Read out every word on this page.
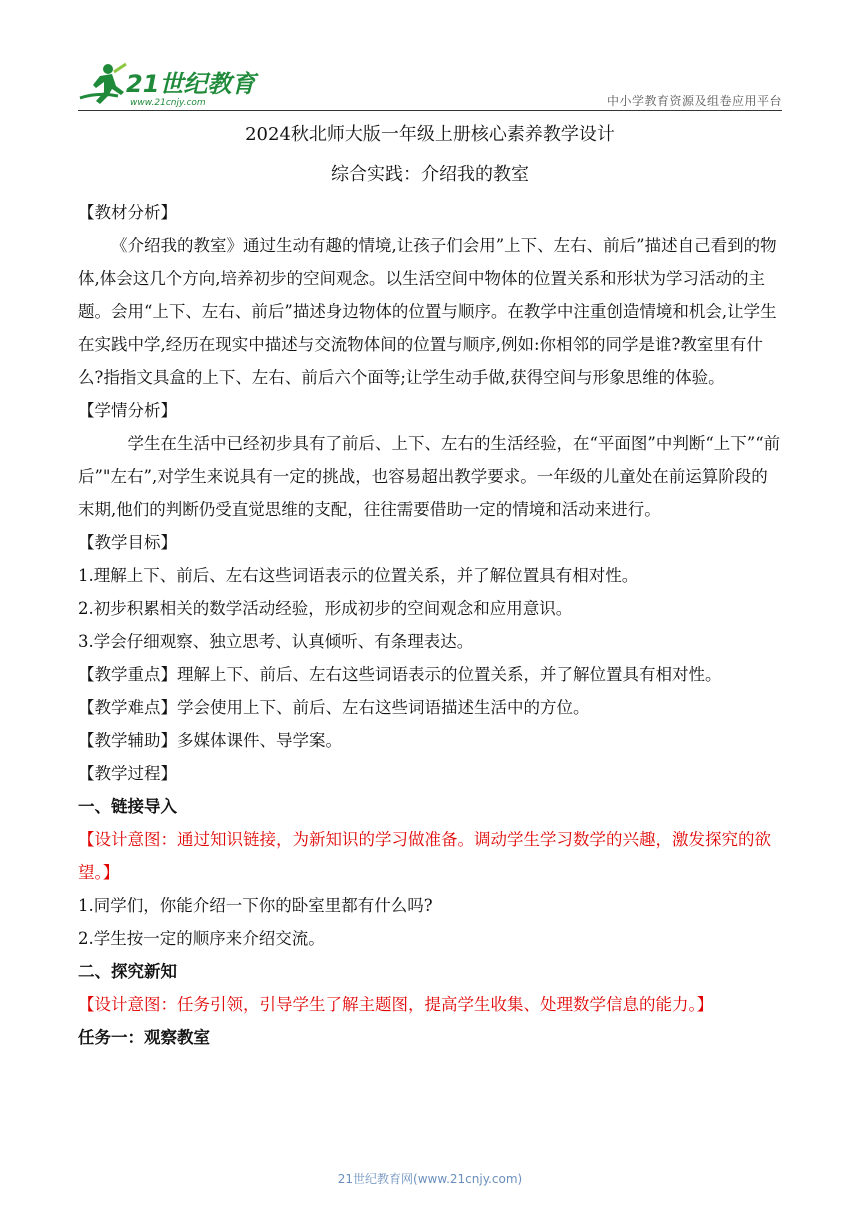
21世纪教育
www.21cnjy.com	中小学教育资源及组卷应用平台
2024秋北师大版一年级上册核心素养教学设计
综合实践：介绍我的教室

【教材分析】

《介绍我的教室》通过生动有趣的情境,让孩子们会用”上下、左右、前后”描述自己看到的物体,体会这几个方向,培养初步的空间观念。以生活空间中物体的位置关系和形状为学习活动的主题。会用“上下、左右、前后”描述身边物体的位置与顺序。在教学中注重创造情境和机会,让学生在实践中学,经历在现实中描述与交流物体间的位置与顺序,例如:你相邻的同学是谁?教室里有什么?指指文具盒的上下、左右、前后六个面等;让学生动手做,获得空间与形象思维的体验。

【学情分析】

学生在生活中已经初步具有了前后、上下、左右的生活经验，在“平面图”中判断“上下”“前后”"左右”,对学生来说具有一定的挑战，也容易超出教学要求。一年级的儿童处在前运算阶段的末期,他们的判断仍受直觉思维的支配，往往需要借助一定的情境和活动来进行。

【教学目标】

1.理解上下、前后、左右这些词语表示的位置关系，并了解位置具有相对性。

2.初步积累相关的数学活动经验，形成初步的空间观念和应用意识。

3.学会仔细观察、独立思考、认真倾听、有条理表达。

【教学重点】理解上下、前后、左右这些词语表示的位置关系，并了解位置具有相对性。

【教学难点】学会使用上下、前后、左右这些词语描述生活中的方位。

【教学辅助】多媒体课件、导学案。

【教学过程】

一、链接导入

【设计意图：通过知识链接，为新知识的学习做准备。调动学生学习数学的兴趣，激发探究的欲望。】

1.同学们，你能介绍一下你的卧室里都有什么吗?

2.学生按一定的顺序来介绍交流。

二、探究新知

【设计意图：任务引领，引导学生了解主题图，提高学生收集、处理数学信息的能力。】

任务一：观察教室

21世纪教育网(www.21cnjy.com)
